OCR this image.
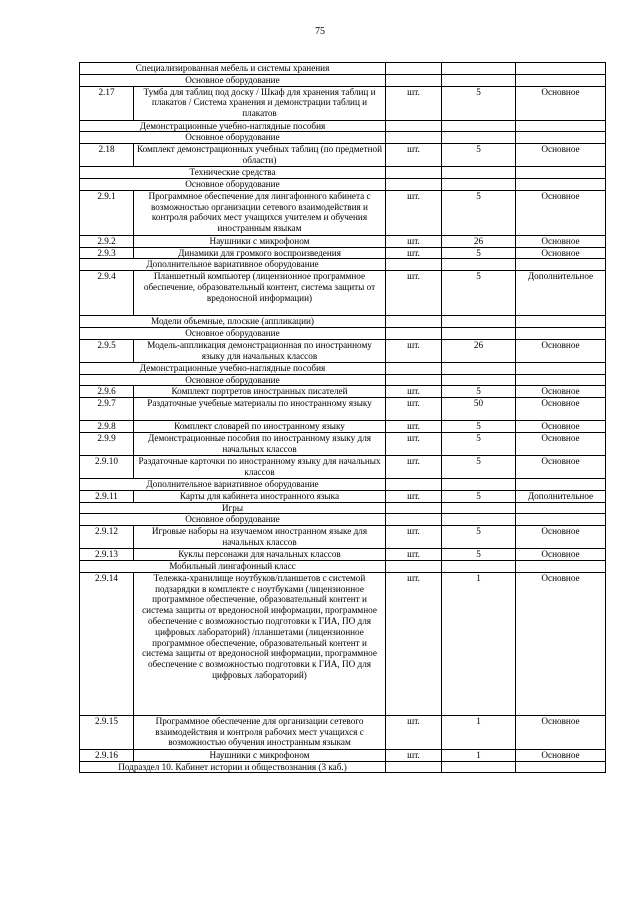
75
Специализированная мебель и системы хранения				
Основное оборудование				
2.17	Тумба для таблиц под доску / Шкаф для хранения таблиц и плакатов / Система хранения и демонстрации таблиц и плакатов	шт.	5	Основное
Демонстрационные учебно-наглядные пособия				
Основное оборудование				
2.18	Комплект демонстрационных учебных таблиц (по предметной области)	шт.	5	Основное
Технические средства				
Основное оборудование				
2.9.1	Программное обеспечение для лингафонного кабинета с возможностью организации сетевого взаимодействия и контроля рабочих мест учащихся учителем и обучения иностранным языкам	шт.	5	Основное
2.9.2	Наушники с микрофоном	шт.	26	Основное
2.9.3	Динамики для громкого воспроизведения	шт.	5	Основное
Дополнительное вариативное оборудование				
2.9.4	Планшетный компьютер (лицензионное программное обеспечение, образовательный контент, система защиты от вредоносной информации)	шт.	5	Дополнительное
Модели объемные, плоские (аппликации)				
Основное оборудование				
2.9.5	Модель-аппликация демонстрационная по иностранному языку для начальных классов	шт.	26	Основное
Демонстрационные учебно-наглядные пособия				
Основное оборудование				
2.9.6	Комплект портретов иностранных писателей	шт.	5	Основное
2.9.7	Раздаточные учебные материалы по иностранному языку	шт.	50	Основное
2.9.8	Комплект словарей по иностранному языку	шт.	5	Основное
2.9.9	Демонстрационные пособия по иностранному языку для начальных классов	шт.	5	Основное
2.9.10	Раздаточные карточки по иностранному языку для начальных классов	шт.	5	Основное
Дополнительное вариативное оборудование				
2.9.11	Карты для кабинета иностранного языка	шт.	5	Дополнительное
Игры				
Основное оборудование				
2.9.12	Игровые наборы на изучаемом иностранном языке для начальных классов	шт.	5	Основное
2.9.13	Куклы персонажи для начальных классов	шт.	5	Основное
Мобильный лингафонный класс				
2.9.14	Тележка-хранилище ноутбуков/планшетов с системой подзарядки в комплекте с ноутбуками (лицензионное программное обеспечение, образовательный контент и система защиты от вредоносной информации, программное обеспечение с возможностью подготовки к ГИА, ПО для цифровых лабораторий) /планшетами (лицензионное программное обеспечение, образовательный контент и система защиты от вредоносной информации, программное обеспечение с возможностью подготовки к ГИА, ПО для цифровых лабораторий)	шт.	1	Основное
2.9.15	Программное обеспечение для организации сетевого взаимодействия и контроля рабочих мест учащихся с возможностью обучения иностранным языкам	шт.	1	Основное
2.9.16	Наушники с микрофоном	шт.	1	Основное
Подраздел 10. Кабинет истории и обществознания (3 каб.)				
